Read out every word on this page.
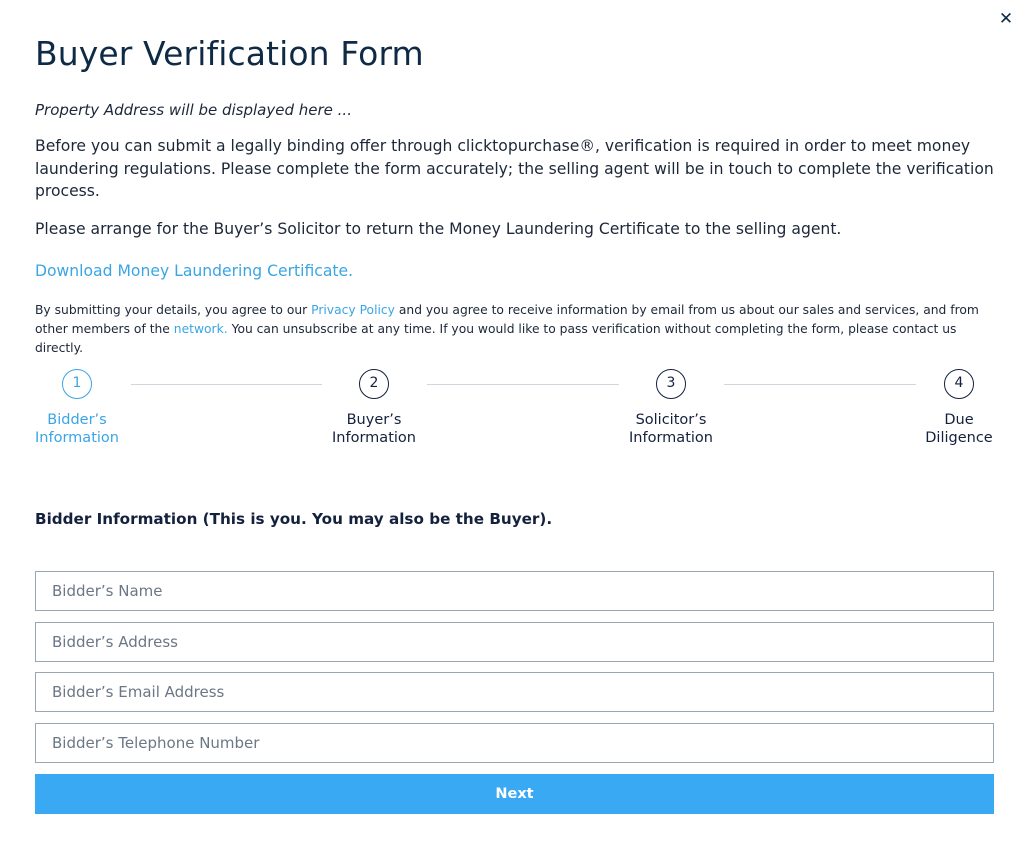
✕
Buyer Verification Form

Property Address will be displayed here ...

Before you can submit a legally binding offer through clicktopurchase®, verification is required in order to meet money laundering regulations. Please complete the form accurately; the selling agent will be in touch to complete the verification process.

Please arrange for the Buyer’s Solicitor to return the Money Laundering Certificate to the selling agent.

Download Money Laundering Certificate.

By submitting your details, you agree to our Privacy Policy and you agree to receive information by email from us about our sales and services, and from other members of the network. You can unsubscribe at any time. If you would like to pass verification without completing the form, please contact us directly.

1
Bidder’s
Information
2
Buyer’s
Information
3
Solicitor’s
Information
4
Due
Diligence
Bidder Information (This is you. You may also be the Buyer).
Bidder’s Name
Bidder’s Address
Bidder’s Email Address
Bidder’s Telephone Number
Next
